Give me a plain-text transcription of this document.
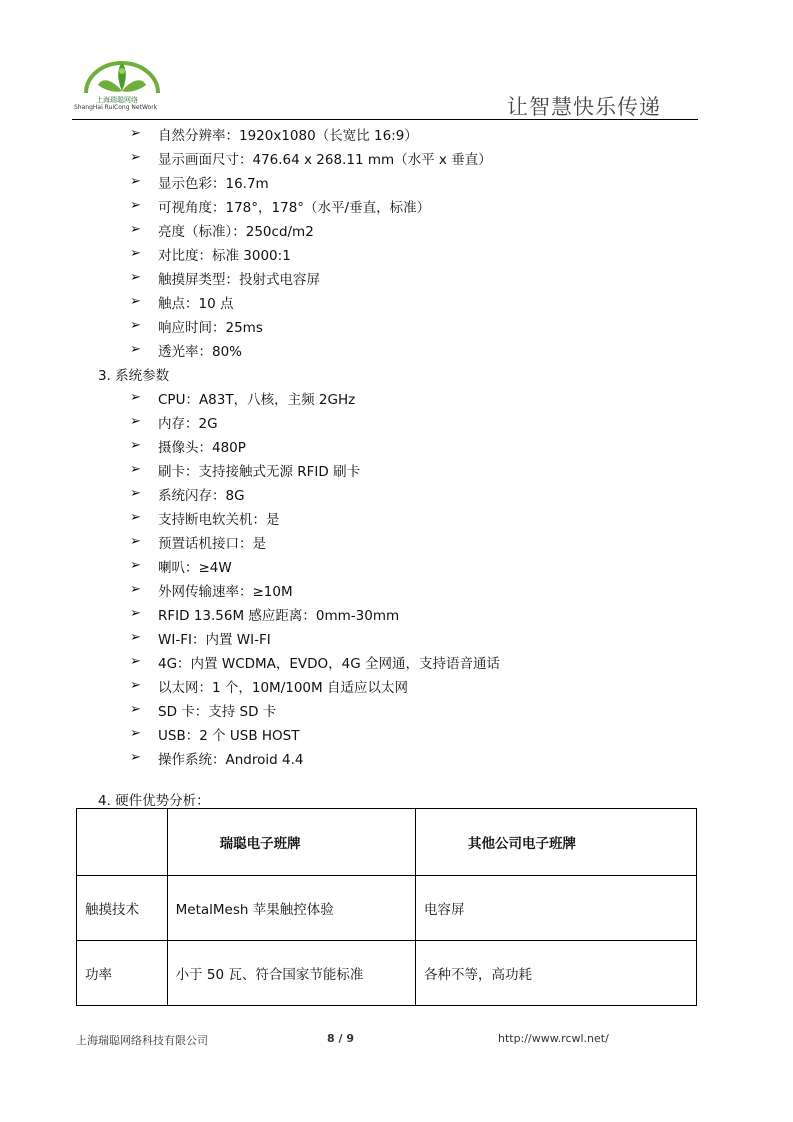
上海瑞聪网络
ShangHai RuiCong NetWork	让智慧快乐传递
➢ 自然分辨率：1920x1080（长宽比 16:9）
➢ 显示画面尺寸：476.64 x 268.11 mm（水平 x 垂直）
➢ 显示色彩：16.7m
➢ 可视角度：178°，178°（水平/垂直，标准）
➢ 亮度（标准）：250cd/m2
➢ 对比度：标准 3000:1
➢ 触摸屏类型：投射式电容屏
➢ 触点：10 点
➢ 响应时间：25ms
➢ 透光率：80%
3. 系统参数
➢ CPU：A83T，八核，主频 2GHz
➢ 内存：2G
➢ 摄像头：480P
➢ 刷卡：支持接触式无源 RFID 刷卡
➢ 系统闪存：8G
➢ 支持断电软关机：是
➢ 预置话机接口：是
➢ 喇叭：≥4W
➢ 外网传输速率：≥10M
➢ RFID 13.56M 感应距离：0mm-30mm
➢ WI-FI：内置 WI-FI
➢ 4G：内置 WCDMA，EVDO，4G 全网通，支持语音通话
➢ 以太网：1 个，10M/100M 自适应以太网
➢ SD 卡：支持 SD 卡
➢ USB：2 个 USB HOST
➢ 操作系统：Android 4.4
4. 硬件优势分析：
	瑞聪电子班牌	其他公司电子班牌
触摸技术	MetalMesh 苹果触控体验	电容屏
功率	小于 50 瓦、符合国家节能标准	各种不等，高功耗
上海瑞聪网络科技有限公司	8 / 9	http://www.rcwl.net/
